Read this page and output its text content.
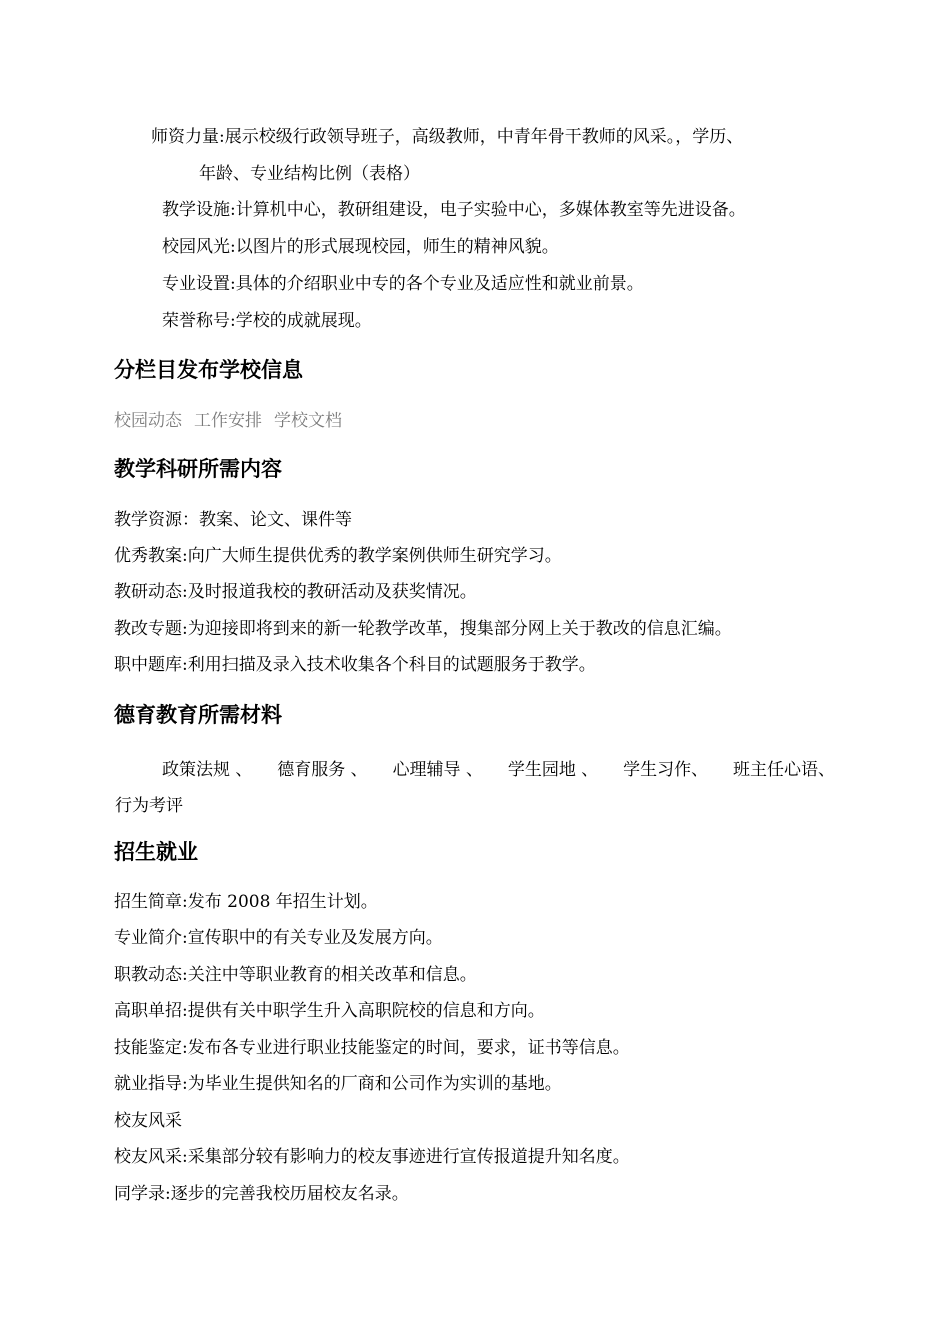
师资力量:展示校级行政领导班子，高级教师，中青年骨干教师的风采。，学历、
年龄、专业结构比例（表格）
教学设施:计算机中心，教研组建设，电子实验中心，多媒体教室等先进设备。
校园风光:以图片的形式展现校园，师生的精神风貌。
专业设置:具体的介绍职业中专的各个专业及适应性和就业前景。
荣誉称号:学校的成就展现。
分栏目发布学校信息
校园动态 工作安排 学校文档
教学科研所需内容
教学资源：教案、论文、课件等
优秀教案:向广大师生提供优秀的教学案例供师生研究学习。
教研动态:及时报道我校的教研活动及获奖情况。
教改专题:为迎接即将到来的新一轮教学改革，搜集部分网上关于教改的信息汇编。
职中题库:利用扫描及录入技术收集各个科目的试题服务于教学。
德育教育所需材料
政策法规 、 德育服务 、 心理辅导 、 学生园地 、 学生习作、 班主任心语、
行为考评
招生就业
招生简章:发布 2008 年招生计划。
专业简介:宣传职中的有关专业及发展方向。
职教动态:关注中等职业教育的相关改革和信息。
高职单招:提供有关中职学生升入高职院校的信息和方向。
技能鉴定:发布各专业进行职业技能鉴定的时间，要求，证书等信息。
就业指导:为毕业生提供知名的厂商和公司作为实训的基地。
校友风采
校友风采:采集部分较有影响力的校友事迹进行宣传报道提升知名度。
同学录:逐步的完善我校历届校友名录。
